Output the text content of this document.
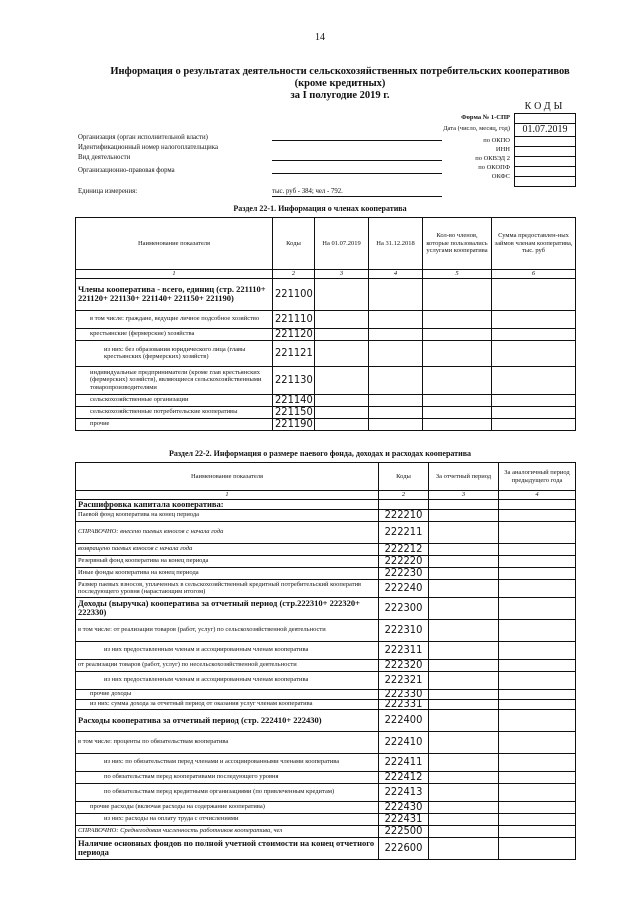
14
Информация о результатах деятельности сельскохозяйственных потребительских кооперативов
(кроме кредитных)
за I полугодие 2019 г.
КОДЫ
01.07.2019
Форма № 1-СПР
Дата (число, месяц, год)
по ОКПО
ИНН
по ОКВЭД 2
по ОКОПФ
ОКФС
Организация (орган исполнительной власти)
Идентификационный номер налогоплательщика
Вид деятельности
Организационно-правовая форма
Единица измерения:	тыс. руб - 384; чел - 792.
Раздел 22-1. Информация о членах кооператива
Наименование показателя	Коды	На 01.07.2019	На 31.12.2018	Кол-во членов, которые пользовались услугами кооператива	Сумма предоставлен-ных займов членам кооператива, тыс. руб
1	2	3	4	5	6
Члены кооператива - всего, единиц (стр. 221110+ 221120+ 221130+ 221140+ 221150+ 221190)	221100				
в том числе: граждане, ведущие личное подсобное хозяйство	221110				
крестьянские (фермерские) хозяйства	221120				
из них: без образования юридического лица (главы крестьянских (фермерских) хозяйств)	221121				
индивидуальные предприниматели (кроме глав крестьянских (фермерских) хозяйств), являющиеся сельскохозяйственными товаропроизводителями	221130				
сельскохозяйственные организации	221140				
сельскохозяйственные потребительские кооперативы	221150				
прочие	221190				
Раздел 22-2. Информация о размере паевого фонда, доходах и расходах кооператива
Наименование показателя	Коды	За отчетный период	За аналогичный период предыдущего года
1	2	3	4
Расшифровка капитала кооператива:			
Паевой фонд кооператива на конец периода	222210		
СПРАВОЧНО: внесено паевых взносов с начала года	222211		
возвращено паевых взносов с начала года	222212		
Резервный фонд кооператива на конец периода	222220		
Иные фонды кооператива на конец периода	222230		
Размер паевых взносов, уплаченных в сельскохозяйственный кредитный потребительский кооператив последующего уровня (нарастающим итогом)	222240		
Доходы (выручка) кооператива за отчетный период (стр.222310+ 222320+ 222330)	222300		
в том числе: от реализации товаров (работ, услуг) по сельскохозяйственной деятельности	222310		
из них предоставленным членам и ассоциированным членам кооператива	222311		
от реализации товаров (работ, услуг) по несельскохозяйственной деятельности	222320		
из них предоставленным членам и ассоциированным членам кооператива	222321		
прочие доходы	222330		
из них: сумма дохода за отчетный период от оказания услуг членам кооператива	222331		
Расходы кооператива за отчетный период (стр. 222410+ 222430)	222400		
в том числе: проценты по обязательствам кооператива	222410		
из них: по обязательствам перед членами и ассоциированными членами кооператива	222411		
по обязательствам перед кооперативами последующего уровня	222412		
по обязательствам перед кредитными организациями (по привлеченным кредитам)	222413		
прочие расходы (включая расходы на содержание кооператива)	222430		
из них: расходы на оплату труда с отчислениями	222431		
СПРАВОЧНО: Среднегодовая численность работников кооператива, чел	222500		
Наличие основных фондов по полной учетной стоимости на конец отчетного периода	222600		
